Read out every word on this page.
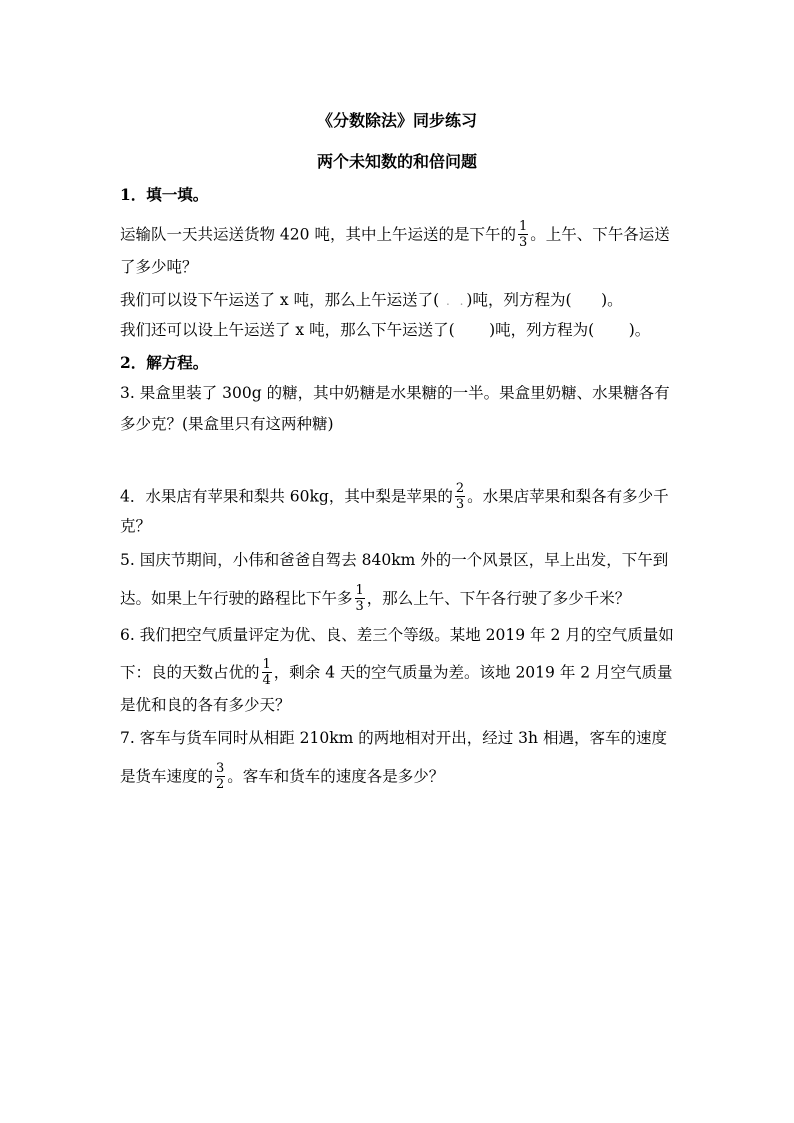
《分数除法》同步练习
两个未知数的和倍问题
1．填一填。
运输队一天共运送货物 420 吨，其中上午运送的是下午的 $\frac{1}{3}$ 。上午、下午各运送
了多少吨？
我们可以设下午运送了 x 吨，那么上午运送了( . .)吨，列方程为(      )。
我们还可以设上午运送了 x 吨，那么下午运送了(       )吨，列方程为(       )。
2．解方程。
3. 果盒里装了 300g 的糖，其中奶糖是水果糖的一半。果盒里奶糖、水果糖各有
多少克？(果盒里只有这两种糖)
4．水果店有苹果和梨共 60kg，其中梨是苹果的 $\frac{2}{3}$ 。水果店苹果和梨各有多少千
克？
5. 国庆节期间，小伟和爸爸自驾去 840km 外的一个风景区，早上出发，下午到
达。如果上午行驶的路程比下午多 $\frac{1}{3}$ ，那么上午、下午各行驶了多少千米？
6. 我们把空气质量评定为优、良、差三个等级。某地 2019 年 2 月的空气质量如
下：良的天数占优的 $\frac{1}{4}$ ，剩余 4 天的空气质量为差。该地 2019 年 2 月空气质量
是优和良的各有多少天？
7. 客车与货车同时从相距 210km 的两地相对开出，经过 3h 相遇，客车的速度
是货车速度的 $\frac{3}{2}$ 。客车和货车的速度各是多少？
